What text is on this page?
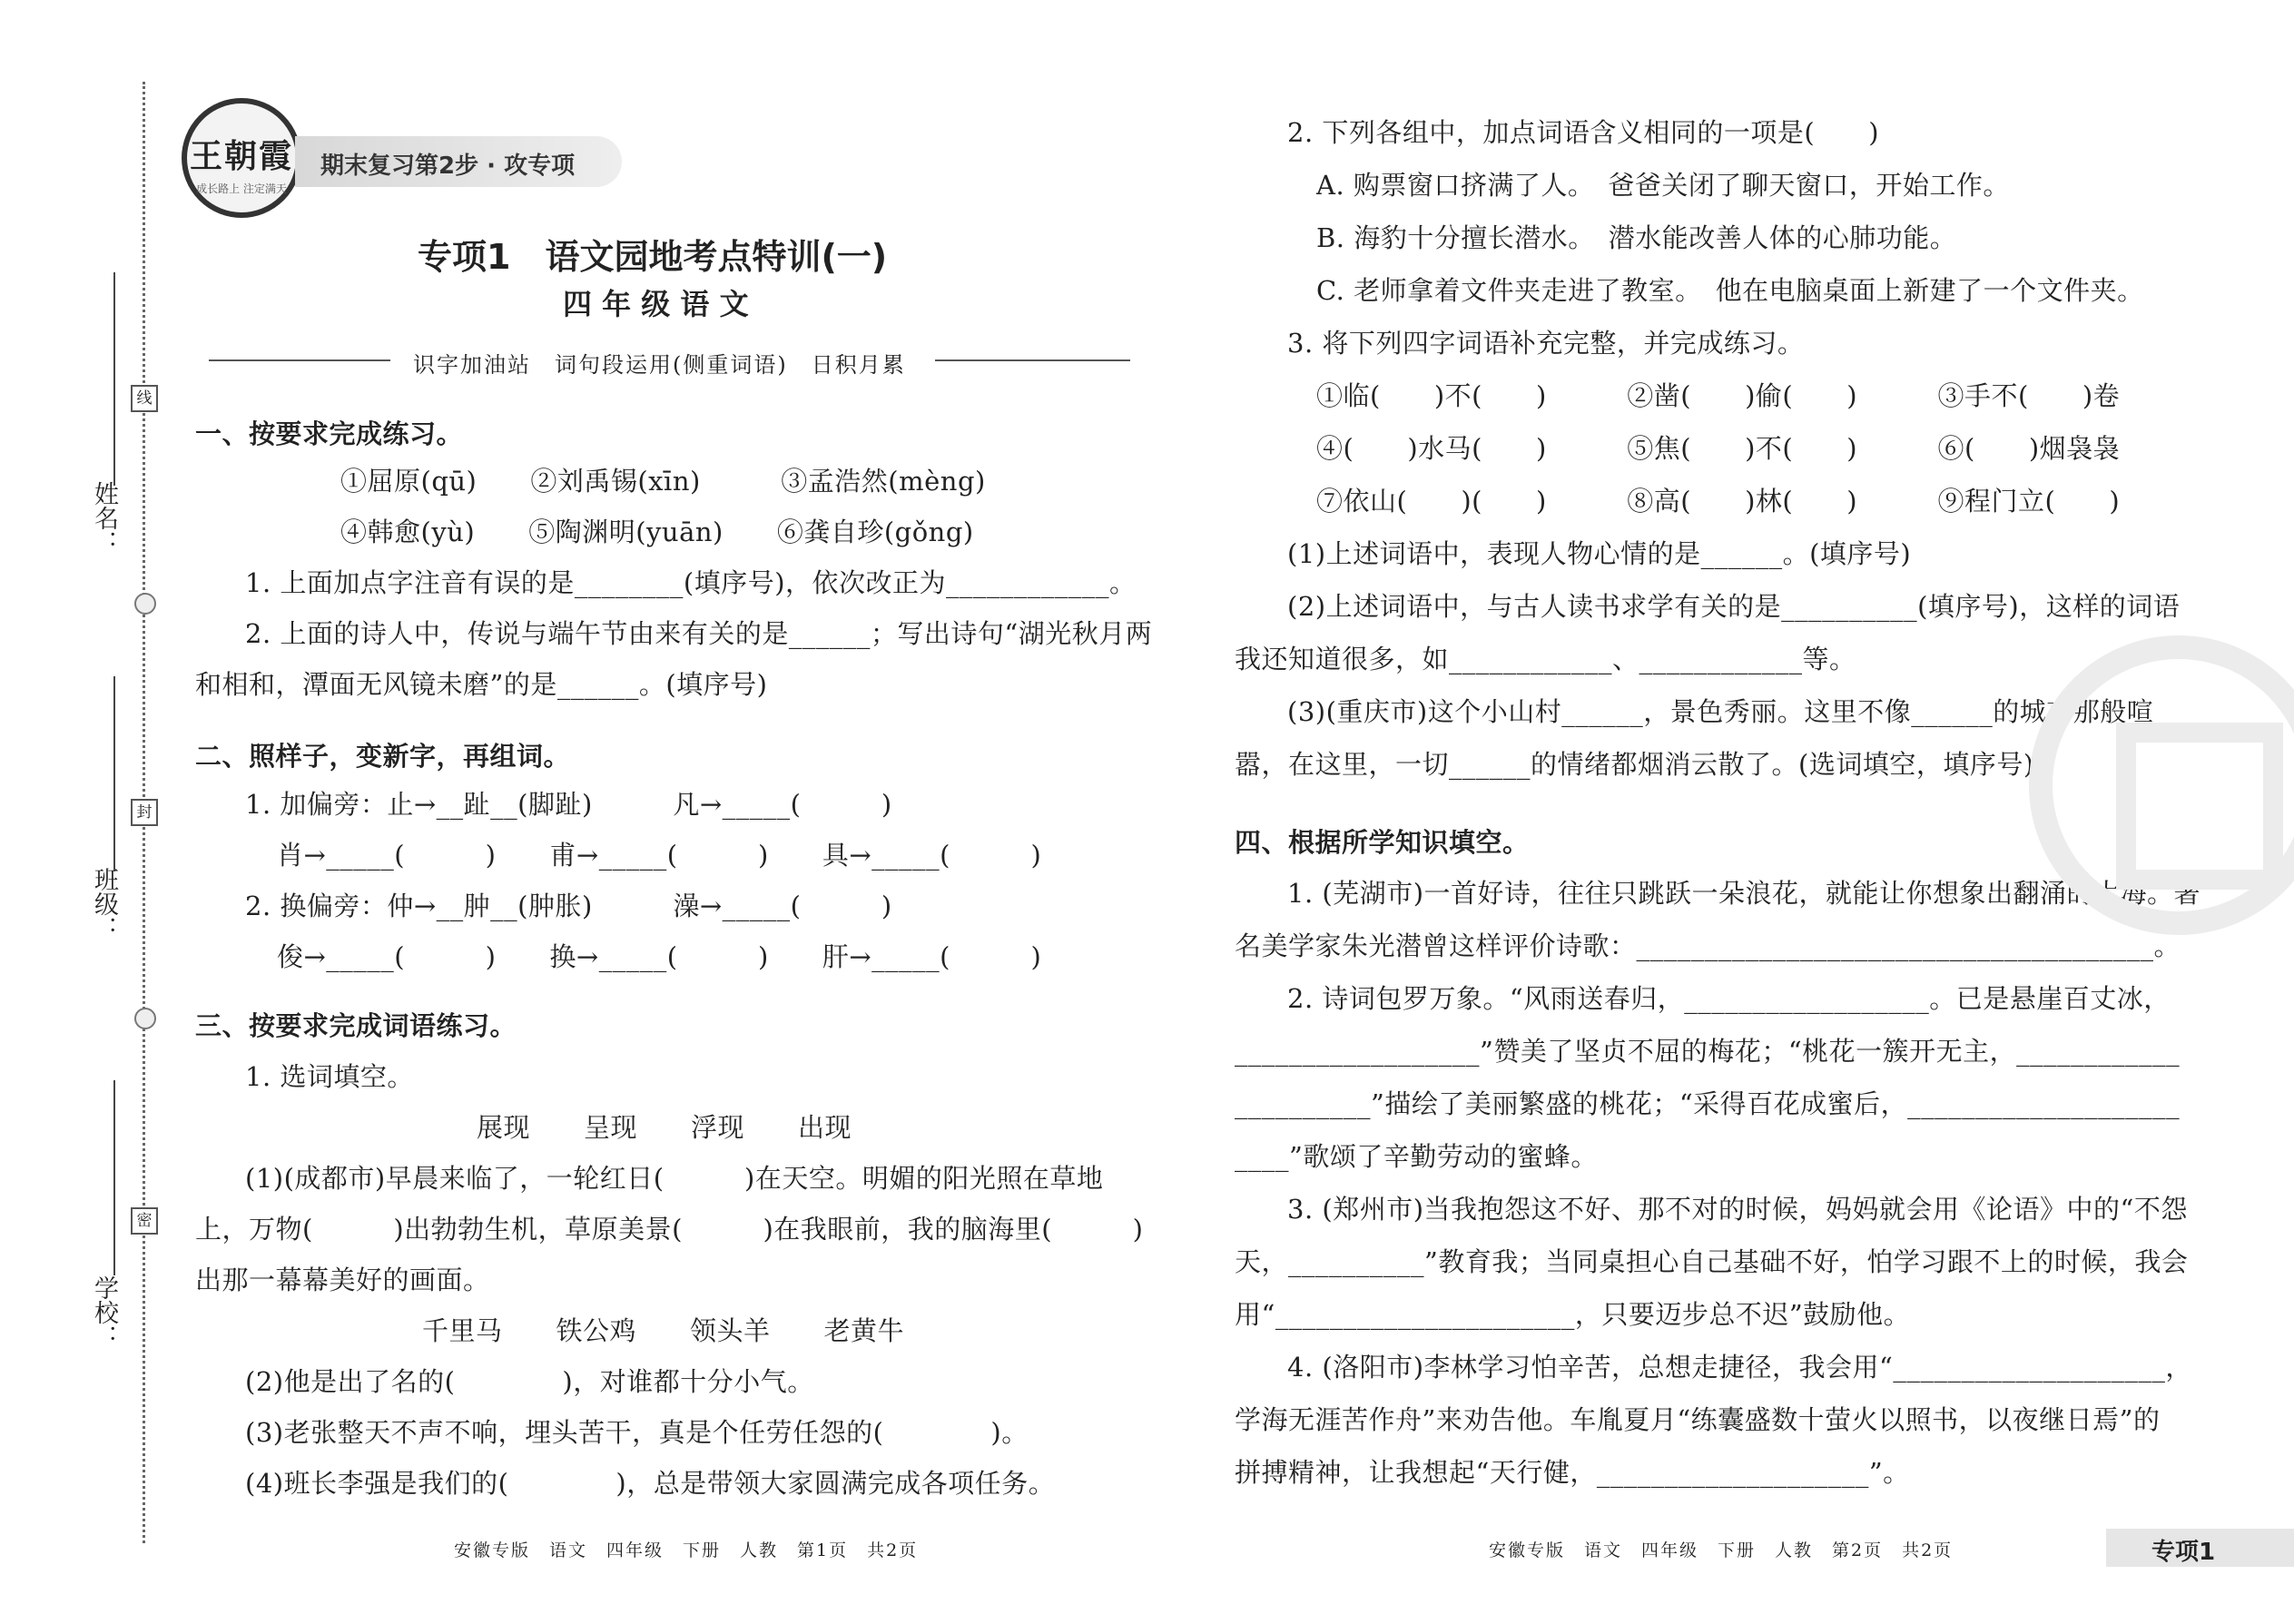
姓名：
班级：
学校：
线
封
密
王朝霞
成长路上 注定满天
期末复习第2步 · 攻专项
专项1　语文园地考点特训(一)
四 年 级 语 文
识字加油站　词句段运用(侧重词语)　日积月累
一、按要求完成练习。
①屈原(qū)　　②刘禹锡(xīn)　　　③孟浩然(mèng)
④韩愈(yù)　　⑤陶渊明(yuān)　　⑥龚自珍(gǒng)
1. 上面加点字注音有误的是________(填序号)，依次改正为____________。
2. 上面的诗人中，传说与端午节由来有关的是______；写出诗句“湖光秋月两
和相和，潭面无风镜未磨”的是______。(填序号)
二、照样子，变新字，再组词。
1. 加偏旁：止→__趾__(脚趾)　　　凡→_____(　　　)
肖→_____(　　　)　　甫→_____(　　　)　　具→_____(　　　)
2. 换偏旁：仲→__肿__(肿胀)　　　澡→_____(　　　)
俊→_____(　　　)　　换→_____(　　　)　　肝→_____(　　　)
三、按要求完成词语练习。
1. 选词填空。
展现　　呈现　　浮现　　出现
(1)(成都市)早晨来临了，一轮红日(　　　)在天空。明媚的阳光照在草地
上，万物(　　　)出勃勃生机，草原美景(　　　)在我眼前，我的脑海里(　　　)
出那一幕幕美好的画面。
千里马　　铁公鸡　　领头羊　　老黄牛
(2)他是出了名的(　　　　)，对谁都十分小气。
(3)老张整天不声不响，埋头苦干，真是个任劳任怨的(　　　　)。
(4)班长李强是我们的(　　　　)，总是带领大家圆满完成各项任务。
安徽专版　语文　四年级　下册　人教　第1页　共2页
2. 下列各组中，加点词语含义相同的一项是(　　)
A. 购票窗口挤满了人。　爸爸关闭了聊天窗口，开始工作。
B. 海豹十分擅长潜水。　潜水能改善人体的心肺功能。
C. 老师拿着文件夹走进了教室。　他在电脑桌面上新建了一个文件夹。
3. 将下列四字词语补充完整，并完成练习。
①临(　　)不(　　)　　　②凿(　　)偷(　　)　　　③手不(　　)卷
④(　　)水马(　　)　　　⑤焦(　　)不(　　)　　　⑥(　　)烟袅袅
⑦依山(　　)(　　)　　　⑧高(　　)林(　　)　　　⑨程门立(　　)
(1)上述词语中，表现人物心情的是______。(填序号)
(2)上述词语中，与古人读书求学有关的是__________(填序号)，这样的词语
我还知道很多，如____________、____________等。
(3)(重庆市)这个小山村______，景色秀丽。这里不像______的城市那般喧
嚣，在这里，一切______的情绪都烟消云散了。(选词填空，填序号)
四、根据所学知识填空。
1. (芜湖市)一首好诗，往往只跳跃一朵浪花，就能让你想象出翻涌的大海。著
名美学家朱光潜曾这样评价诗歌：______________________________________。
2. 诗词包罗万象。“风雨送春归，__________________。已是悬崖百丈冰，
__________________”赞美了坚贞不屈的梅花；“桃花一簇开无主，____________
__________”描绘了美丽繁盛的桃花；“采得百花成蜜后，____________________
____”歌颂了辛勤劳动的蜜蜂。
3. (郑州市)当我抱怨这不好、那不对的时候，妈妈就会用《论语》中的“不怨
天，__________”教育我；当同桌担心自己基础不好，怕学习跟不上的时候，我会
用“______________________，只要迈步总不迟”鼓励他。
4. (洛阳市)李林学习怕辛苦，总想走捷径，我会用“____________________，
学海无涯苦作舟”来劝告他。车胤夏月“练囊盛数十萤火以照书，以夜继日焉”的
拼搏精神，让我想起“天行健，____________________”。
安徽专版　语文　四年级　下册　人教　第2页　共2页	专项1
